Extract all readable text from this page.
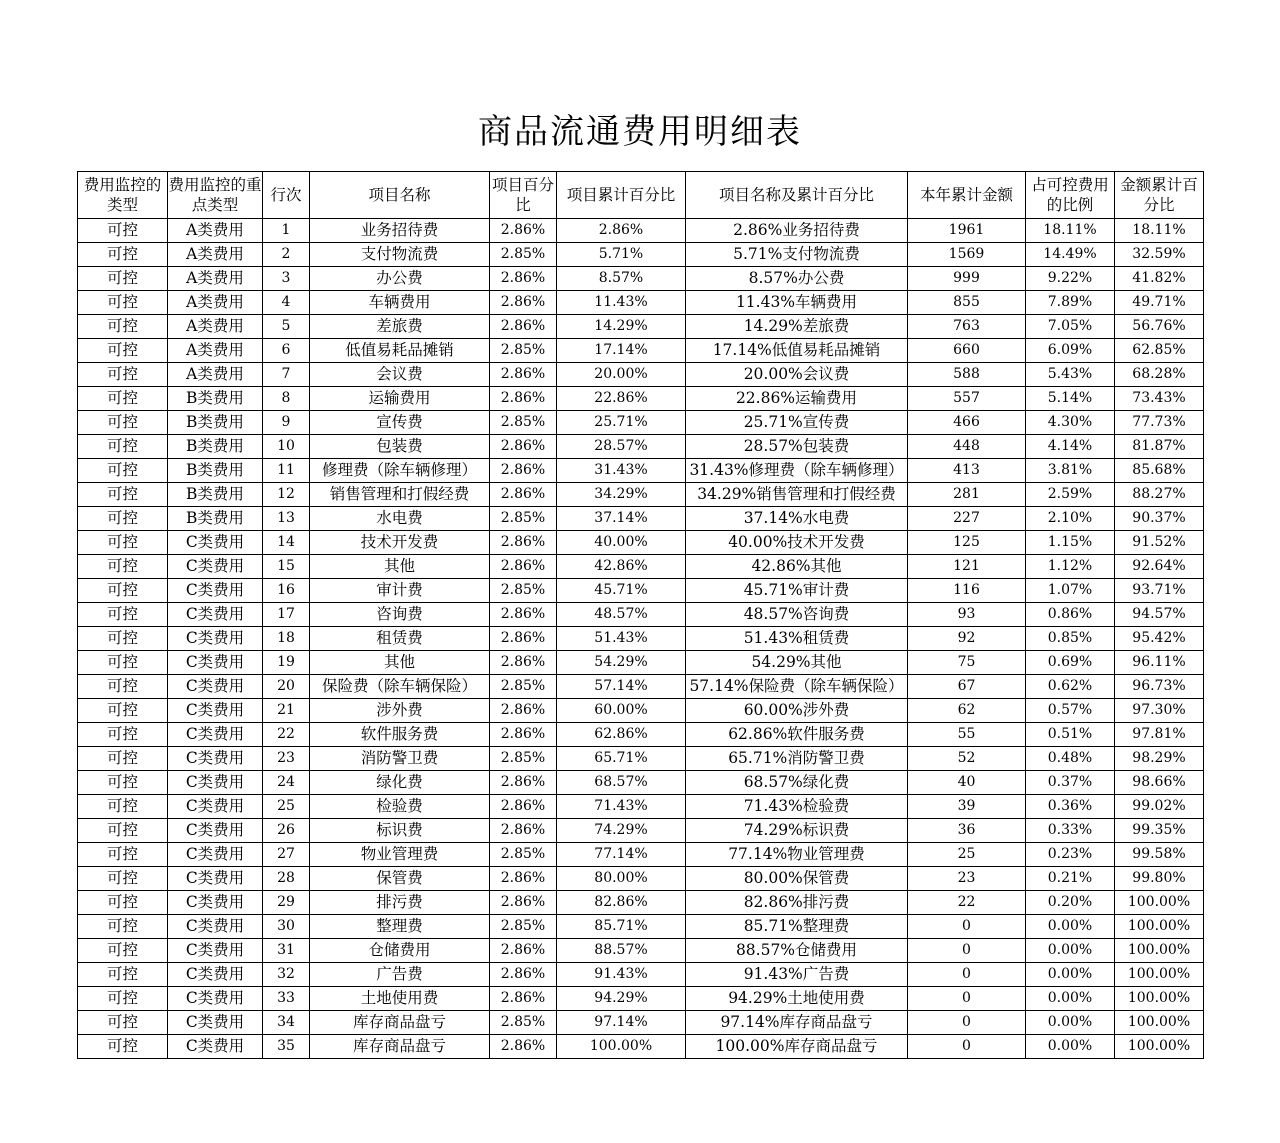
商品流通费用明细表
费用监控的类型	费用监控的重点类型	行次	项目名称	项目百分比	项目累计百分比	项目名称及累计百分比	本年累计金额	占可控费用的比例	金额累计百分比
可控	A类费用	1	业务招待费	2.86%	2.86%	2.86%业务招待费	1961	18.11%	18.11%
可控	A类费用	2	支付物流费	2.85%	5.71%	5.71%支付物流费	1569	14.49%	32.59%
可控	A类费用	3	办公费	2.86%	8.57%	8.57%办公费	999	9.22%	41.82%
可控	A类费用	4	车辆费用	2.86%	11.43%	11.43%车辆费用	855	7.89%	49.71%
可控	A类费用	5	差旅费	2.86%	14.29%	14.29%差旅费	763	7.05%	56.76%
可控	A类费用	6	低值易耗品摊销	2.85%	17.14%	17.14%低值易耗品摊销	660	6.09%	62.85%
可控	A类费用	7	会议费	2.86%	20.00%	20.00%会议费	588	5.43%	68.28%
可控	B类费用	8	运输费用	2.86%	22.86%	22.86%运输费用	557	5.14%	73.43%
可控	B类费用	9	宣传费	2.85%	25.71%	25.71%宣传费	466	4.30%	77.73%
可控	B类费用	10	包装费	2.86%	28.57%	28.57%包装费	448	4.14%	81.87%
可控	B类费用	11	修理费（除车辆修理）	2.86%	31.43%	31.43%修理费（除车辆修理）	413	3.81%	85.68%
可控	B类费用	12	销售管理和打假经费	2.86%	34.29%	34.29%销售管理和打假经费	281	2.59%	88.27%
可控	B类费用	13	水电费	2.85%	37.14%	37.14%水电费	227	2.10%	90.37%
可控	C类费用	14	技术开发费	2.86%	40.00%	40.00%技术开发费	125	1.15%	91.52%
可控	C类费用	15	其他	2.86%	42.86%	42.86%其他	121	1.12%	92.64%
可控	C类费用	16	审计费	2.85%	45.71%	45.71%审计费	116	1.07%	93.71%
可控	C类费用	17	咨询费	2.86%	48.57%	48.57%咨询费	93	0.86%	94.57%
可控	C类费用	18	租赁费	2.86%	51.43%	51.43%租赁费	92	0.85%	95.42%
可控	C类费用	19	其他	2.86%	54.29%	54.29%其他	75	0.69%	96.11%
可控	C类费用	20	保险费（除车辆保险）	2.85%	57.14%	57.14%保险费（除车辆保险）	67	0.62%	96.73%
可控	C类费用	21	涉外费	2.86%	60.00%	60.00%涉外费	62	0.57%	97.30%
可控	C类费用	22	软件服务费	2.86%	62.86%	62.86%软件服务费	55	0.51%	97.81%
可控	C类费用	23	消防警卫费	2.85%	65.71%	65.71%消防警卫费	52	0.48%	98.29%
可控	C类费用	24	绿化费	2.86%	68.57%	68.57%绿化费	40	0.37%	98.66%
可控	C类费用	25	检验费	2.86%	71.43%	71.43%检验费	39	0.36%	99.02%
可控	C类费用	26	标识费	2.86%	74.29%	74.29%标识费	36	0.33%	99.35%
可控	C类费用	27	物业管理费	2.85%	77.14%	77.14%物业管理费	25	0.23%	99.58%
可控	C类费用	28	保管费	2.86%	80.00%	80.00%保管费	23	0.21%	99.80%
可控	C类费用	29	排污费	2.86%	82.86%	82.86%排污费	22	0.20%	100.00%
可控	C类费用	30	整理费	2.85%	85.71%	85.71%整理费	0	0.00%	100.00%
可控	C类费用	31	仓储费用	2.86%	88.57%	88.57%仓储费用	0	0.00%	100.00%
可控	C类费用	32	广告费	2.86%	91.43%	91.43%广告费	0	0.00%	100.00%
可控	C类费用	33	土地使用费	2.86%	94.29%	94.29%土地使用费	0	0.00%	100.00%
可控	C类费用	34	库存商品盘亏	2.85%	97.14%	97.14%库存商品盘亏	0	0.00%	100.00%
可控	C类费用	35	库存商品盘亏	2.86%	100.00%	100.00%库存商品盘亏	0	0.00%	100.00%
